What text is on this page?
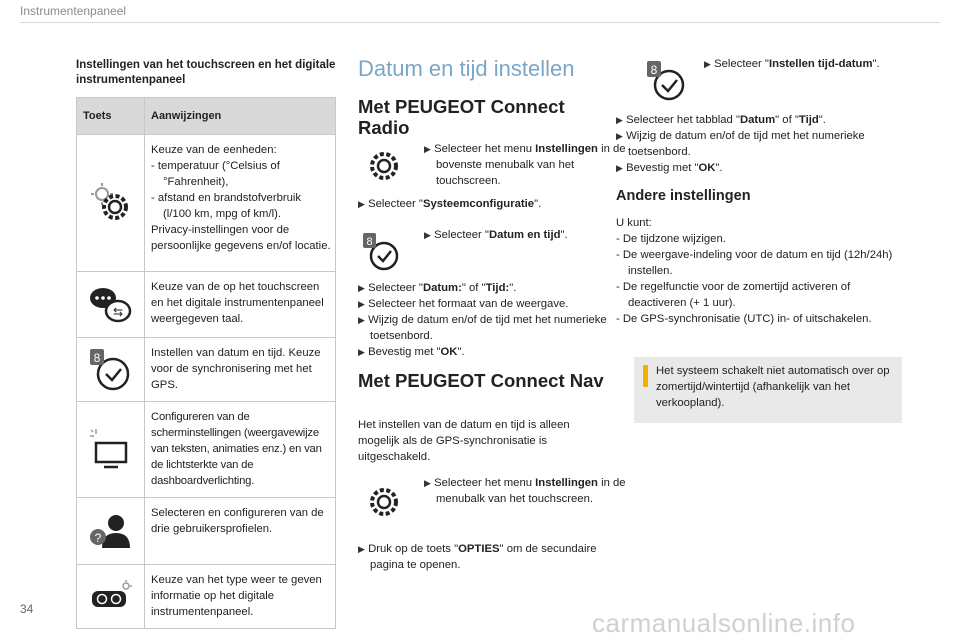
Instrumentenpaneel
Instellingen van het touchscreen en het digitale instrumentenpaneel
Toets	Aanwijzingen

Keuze van de eenheden:
- temperatuur (°Celsius of °Fahrenheit),
- afstand en brandstofverbruik (l/100 km, mpg of km/l).
Privacy-instellingen voor de persoonlijke gegevens en/of locatie.

⇆	Keuze van de op het touchscreen en het digitale instrumentenpaneel weergegeven taal.

8	Instellen van datum en tijd. Keuze voor de synchronisering met het GPS.

	Configureren van de scherminstellingen (weergavewijze van teksten, animaties enz.) en van de lichtsterkte van de dashboardverlichting.

?	Selecteren en configureren van de drie gebruikersprofielen.

	Keuze van het type weer te geven informatie op het digitale instrumentenpaneel.
Datum en tijd instellen
Met PEUGEOT Connect Radio
▶ Selecteer het menu Instellingen in de bovenste menubalk van het touchscreen.
▶ Selecteer "Systeemconfiguratie".
8
▶ Selecteer "Datum en tijd".
▶ Selecteer "Datum:" of "Tijd:".
▶ Selecteer het formaat van de weergave.
▶ Wijzig de datum en/of de tijd met het numerieke toetsenbord.
▶ Bevestig met "OK".
Met PEUGEOT Connect Nav
Het instellen van de datum en tijd is alleen mogelijk als de GPS-synchronisatie is uitgeschakeld.
▶ Selecteer het menu Instellingen in de menubalk van het touchscreen.
▶ Druk op de toets "OPTIES" om de secundaire pagina te openen.
8	▶ Selecteer "Instellen tijd-datum".
▶ Selecteer het tabblad "Datum" of "Tijd".
▶ Wijzig de datum en/of de tijd met het numerieke toetsenbord.
▶ Bevestig met "OK".
Andere instellingen
U kunt:
- De tijdzone wijzigen.
- De weergave-indeling voor de datum en tijd (12h/24h) instellen.
- De regelfunctie voor de zomertijd activeren of deactiveren (+ 1 uur).
- De GPS-synchronisatie (UTC) in- of uitschakelen.
Het systeem schakelt niet automatisch over op zomertijd/wintertijd (afhankelijk van het verkoopland).
34	carmanualsonline.info
